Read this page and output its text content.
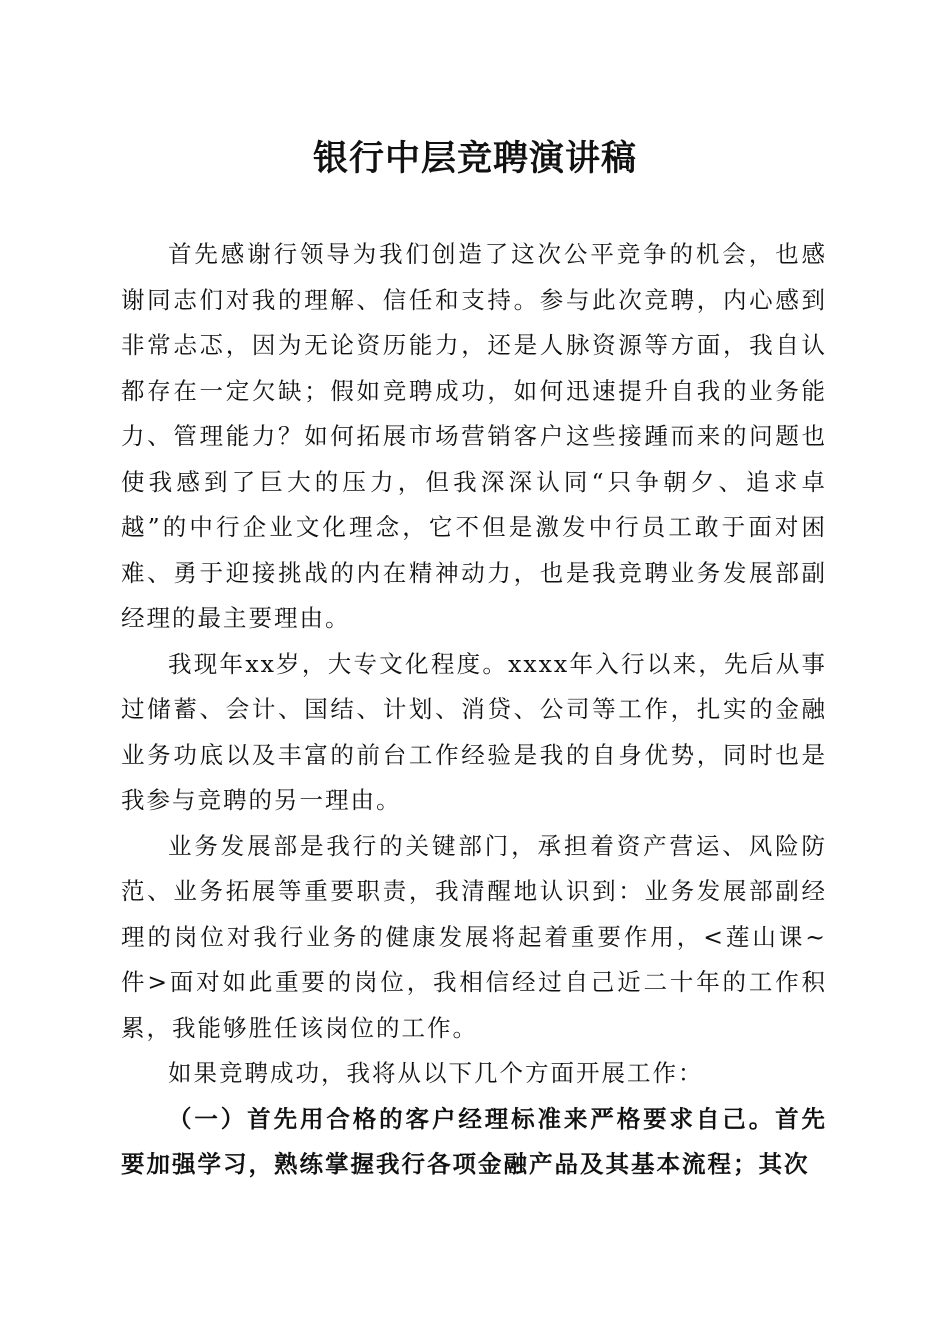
银行中层竞聘演讲稿

首先感谢行领导为我们创造了这次公平竞争的机会，也感谢同志们对我的理解、信任和支持。参与此次竞聘，内心感到非常忐忑，因为无论资历能力，还是人脉资源等方面，我自认都存在一定欠缺；假如竞聘成功，如何迅速提升自我的业务能力、管理能力？如何拓展市场营销客户这些接踵而来的问题也使我感到了巨大的压力，但我深深认同“只争朝夕、追求卓越”的中行企业文化理念，它不但是激发中行员工敢于面对困难、勇于迎接挑战的内在精神动力，也是我竞聘业务发展部副经理的最主要理由。

我现年xx岁，大专文化程度。xxxx年入行以来，先后从事过储蓄、会计、国结、计划、消贷、公司等工作，扎实的金融业务功底以及丰富的前台工作经验是我的自身优势，同时也是我参与竞聘的另一理由。

业务发展部是我行的关键部门，承担着资产营运、风险防范、业务拓展等重要职责，我清醒地认识到：业务发展部副经理的岗位对我行业务的健康发展将起着重要作用，<莲山课~件>面对如此重要的岗位，我相信经过自己近二十年的工作积累，我能够胜任该岗位的工作。

如果竞聘成功，我将从以下几个方面开展工作：

（一）首先用合格的客户经理标准来严格要求自己。首先要加强学习，熟练掌握我行各项金融产品及其基本流程；其次
